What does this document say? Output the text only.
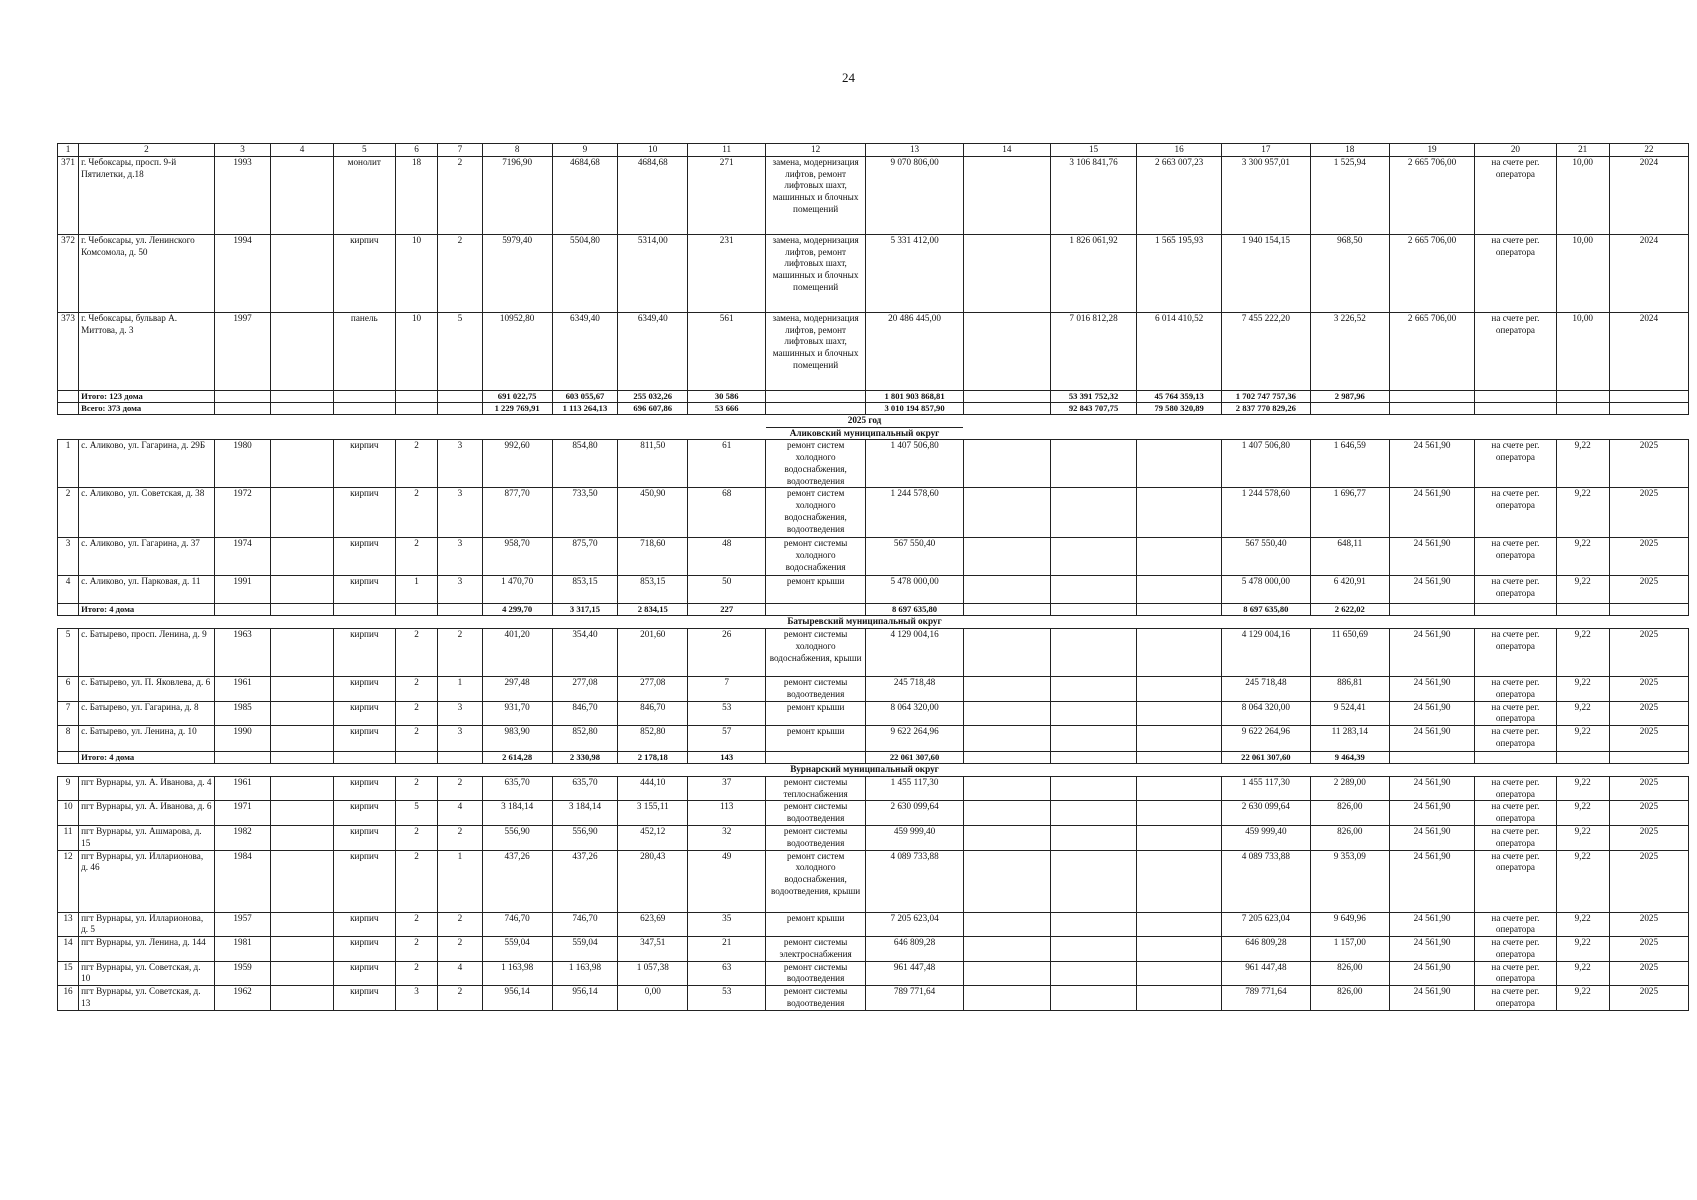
24
1	2	3	4	5	6	7	8	9	10	11	12	13	14	15	16	17	18	19	20	21	22
371	г. Чебоксары, просп. 9-й Пятилетки, д.18	1993		монолит	18	2	7196,90	4684,68	4684,68	271	замена, модернизация лифтов, ремонт лифтовых шахт, машинных и блочных помещений	9 070 806,00		3 106 841,76	2 663 007,23	3 300 957,01	1 525,94	2 665 706,00	на счете рег. оператора	10,00	2024
372	г. Чебоксары, ул. Ленинского Комсомола, д. 50	1994		кирпич	10	2	5979,40	5504,80	5314,00	231	замена, модернизация лифтов, ремонт лифтовых шахт, машинных и блочных помещений	5 331 412,00		1 826 061,92	1 565 195,93	1 940 154,15	968,50	2 665 706,00	на счете рег. оператора	10,00	2024
373	г. Чебоксары, бульвар А. Миттова, д. 3	1997		панель	10	5	10952,80	6349,40	6349,40	561	замена, модернизация лифтов, ремонт лифтовых шахт, машинных и блочных помещений	20 486 445,00		7 016 812,28	6 014 410,52	7 455 222,20	3 226,52	2 665 706,00	на счете рег. оператора	10,00	2024
	Итого: 123 дома						691 022,75	603 055,67	255 032,26	30 586		1 801 903 868,81		53 391 752,32	45 764 359,13	1 702 747 757,36	2 987,96				
	Всего: 373 дома						1 229 769,91	1 113 264,13	696 607,86	53 666		3 010 194 857,90		92 843 707,75	79 580 320,89	2 837 770 829,26					
											2025 год										
											Аликовский муниципальный округ										
1	с. Аликово, ул. Гагарина, д. 29Б	1980		кирпич	2	3	992,60	854,80	811,50	61	ремонт систем холодного водоснабжения, водоотведения	1 407 506,80				1 407 506,80	1 646,59	24 561,90	на счете рег. оператора	9,22	2025
2	с. Аликово, ул. Советская, д. 38	1972		кирпич	2	3	877,70	733,50	450,90	68	ремонт систем холодного водоснабжения, водоотведения	1 244 578,60				1 244 578,60	1 696,77	24 561,90	на счете рег. оператора	9,22	2025
3	с. Аликово, ул. Гагарина, д. 37	1974		кирпич	2	3	958,70	875,70	718,60	48	ремонт системы холодного водоснабжения	567 550,40				567 550,40	648,11	24 561,90	на счете рег. оператора	9,22	2025
4	с. Аликово, ул. Парковая, д. 11	1991		кирпич	1	3	1 470,70	853,15	853,15	50	ремонт крыши	5 478 000,00				5 478 000,00	6 420,91	24 561,90	на счете рег. оператора	9,22	2025
	Итого: 4 дома						4 299,70	3 317,15	2 834,15	227		8 697 635,80				8 697 635,80	2 622,02				
											Батыревский муниципальный округ										
5	с. Батырево, просп. Ленина, д. 9	1963		кирпич	2	2	401,20	354,40	201,60	26	ремонт системы холодного водоснабжения, крыши	4 129 004,16				4 129 004,16	11 650,69	24 561,90	на счете рег. оператора	9,22	2025
6	с. Батырево, ул. П. Яковлева, д. 6	1961		кирпич	2	1	297,48	277,08	277,08	7	ремонт системы водоотведения	245 718,48				245 718,48	886,81	24 561,90	на счете рег. оператора	9,22	2025
7	с. Батырево, ул. Гагарина, д. 8	1985		кирпич	2	3	931,70	846,70	846,70	53	ремонт крыши	8 064 320,00				8 064 320,00	9 524,41	24 561,90	на счете рег. оператора	9,22	2025
8	с. Батырево, ул. Ленина, д. 10	1990		кирпич	2	3	983,90	852,80	852,80	57	ремонт крыши	9 622 264,96				9 622 264,96	11 283,14	24 561,90	на счете рег. оператора	9,22	2025
	Итого: 4 дома						2 614,28	2 330,98	2 178,18	143		22 061 307,60				22 061 307,60	9 464,39				
											Вурнарский муниципальный округ										
9	пгт Вурнары, ул. А. Иванова, д. 4	1961		кирпич	2	2	635,70	635,70	444,10	37	ремонт системы теплоснабжения	1 455 117,30				1 455 117,30	2 289,00	24 561,90	на счете рег. оператора	9,22	2025
10	пгт Вурнары, ул. А. Иванова, д. 6	1971		кирпич	5	4	3 184,14	3 184,14	3 155,11	113	ремонт системы водоотведения	2 630 099,64				2 630 099,64	826,00	24 561,90	на счете рег. оператора	9,22	2025
11	пгт Вурнары, ул. Ашмарова, д. 15	1982		кирпич	2	2	556,90	556,90	452,12	32	ремонт системы водоотведения	459 999,40				459 999,40	826,00	24 561,90	на счете рег. оператора	9,22	2025
12	пгт Вурнары, ул. Илларионова, д. 46	1984		кирпич	2	1	437,26	437,26	280,43	49	ремонт систем холодного водоснабжения, водоотведения, крыши	4 089 733,88				4 089 733,88	9 353,09	24 561,90	на счете рег. оператора	9,22	2025
13	пгт Вурнары, ул. Илларионова, д. 5	1957		кирпич	2	2	746,70	746,70	623,69	35	ремонт крыши	7 205 623,04				7 205 623,04	9 649,96	24 561,90	на счете рег. оператора	9,22	2025
14	пгт Вурнары, ул. Ленина, д. 144	1981		кирпич	2	2	559,04	559,04	347,51	21	ремонт системы электроснабжения	646 809,28				646 809,28	1 157,00	24 561,90	на счете рег. оператора	9,22	2025
15	пгт Вурнары, ул. Советская, д. 10	1959		кирпич	2	4	1 163,98	1 163,98	1 057,38	63	ремонт системы водоотведения	961 447,48				961 447,48	826,00	24 561,90	на счете рег. оператора	9,22	2025
16	пгт Вурнары, ул. Советская, д. 13	1962		кирпич	3	2	956,14	956,14	0,00	53	ремонт системы водоотведения	789 771,64				789 771,64	826,00	24 561,90	на счете рег. оператора	9,22	2025
